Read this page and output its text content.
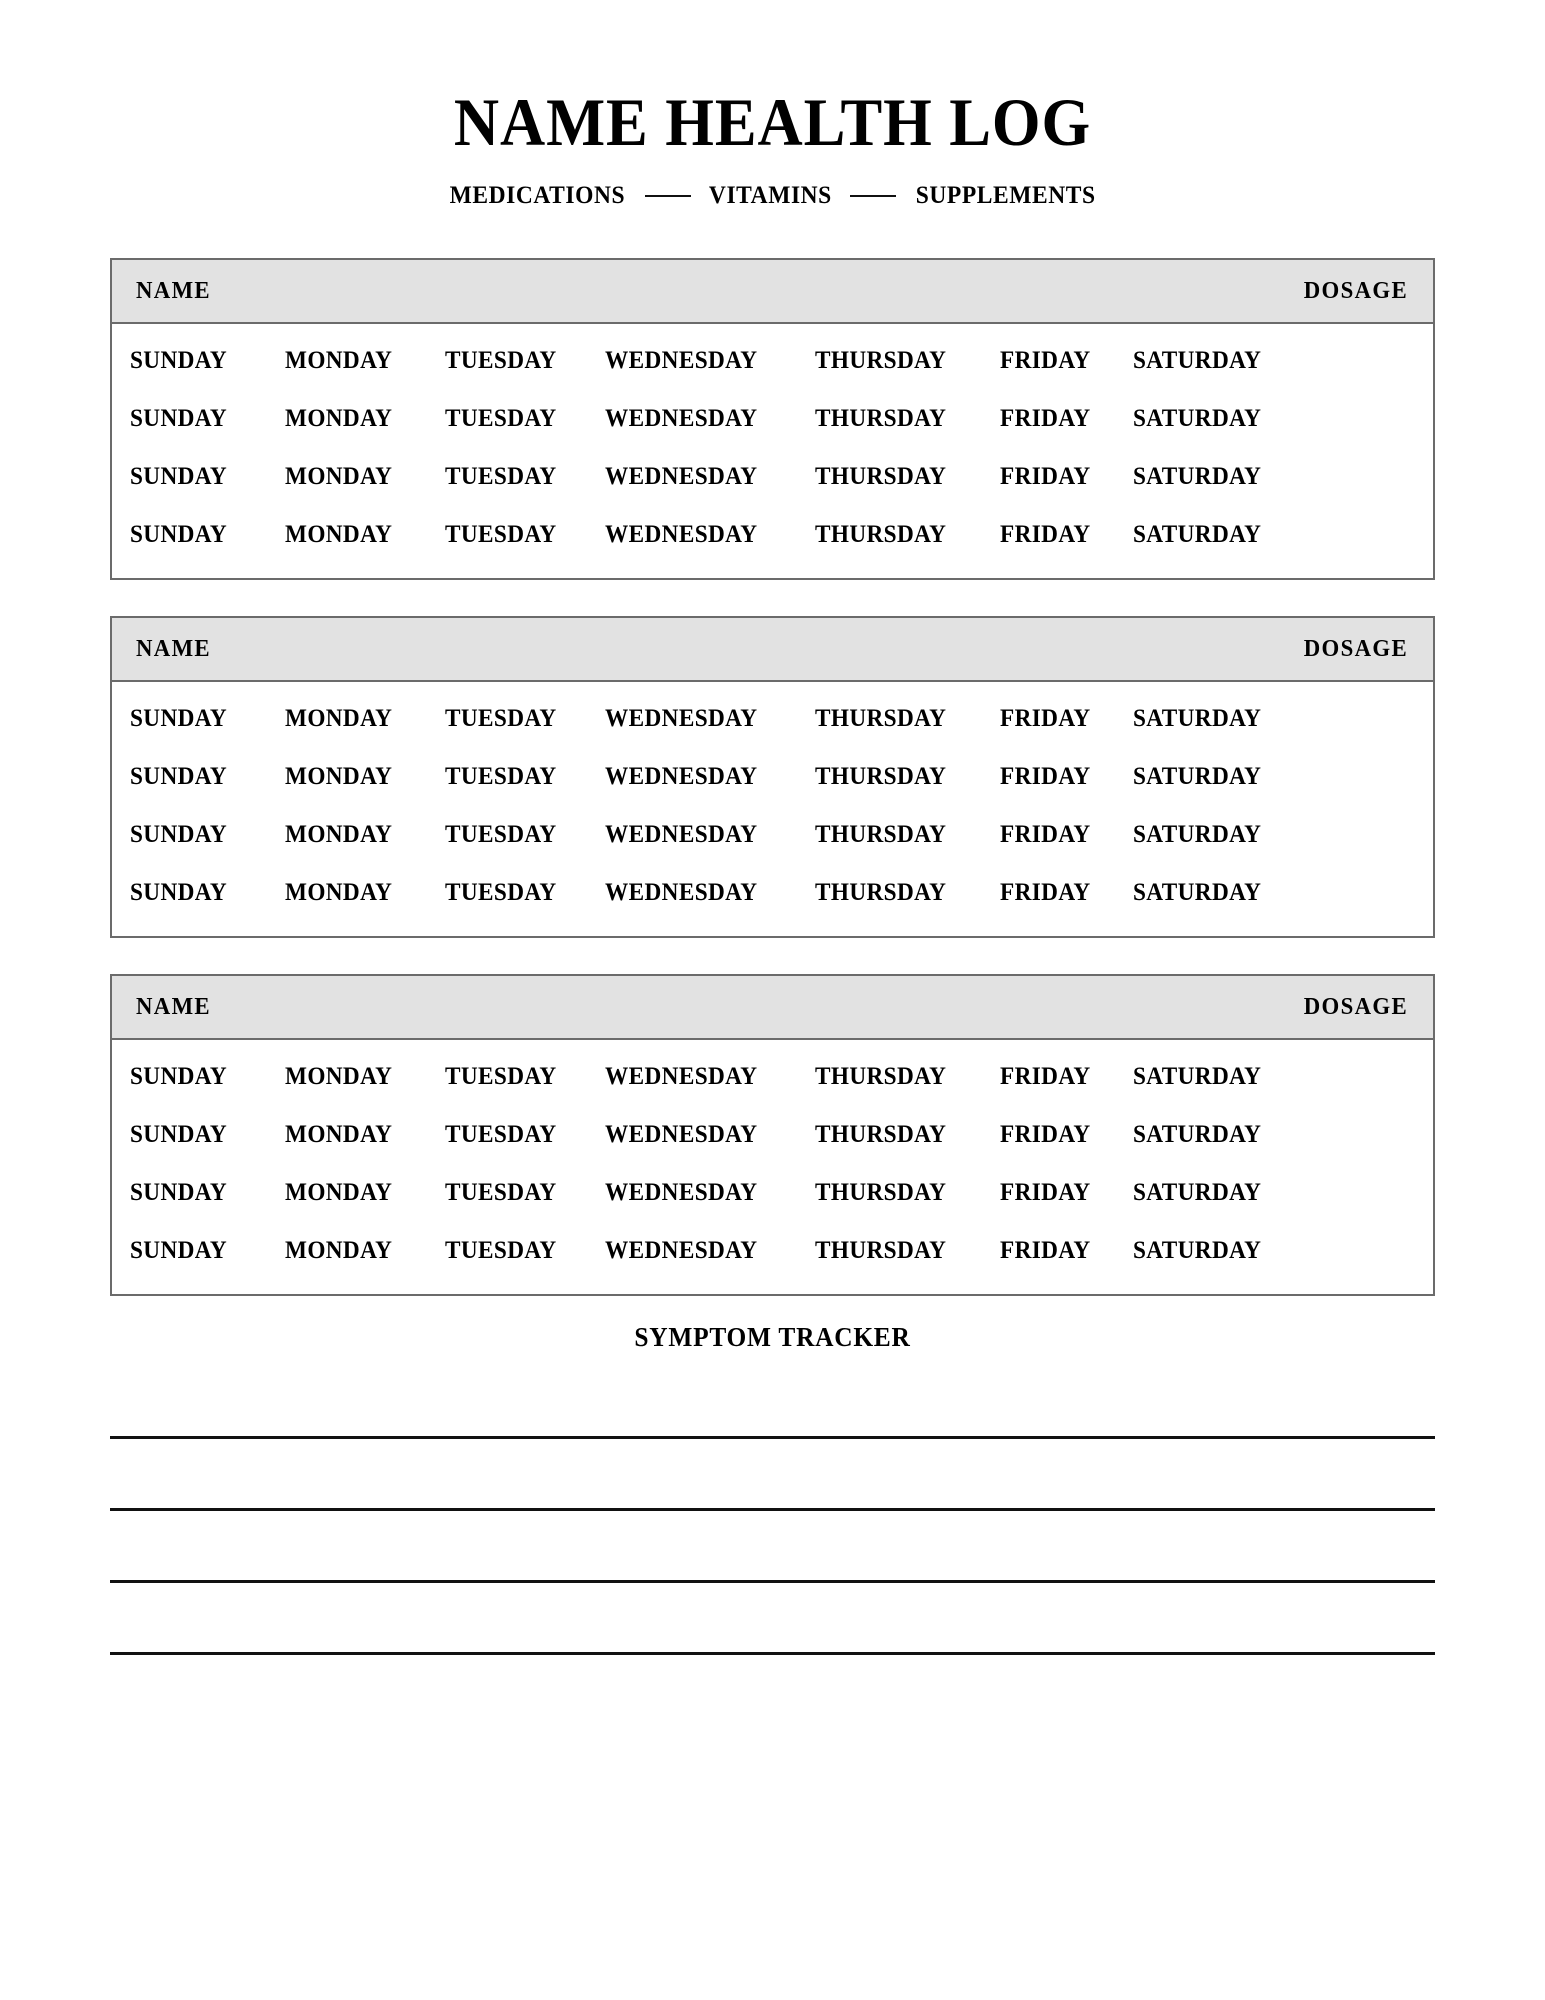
NAME HEALTH LOG
MEDICATIONS	VITAMINS	SUPPLEMENTS
NAME	DOSAGE
SUNDAY	MONDAY	TUESDAY	WEDNESDAY	THURSDAY	FRIDAY	SATURDAY
SUNDAY	MONDAY	TUESDAY	WEDNESDAY	THURSDAY	FRIDAY	SATURDAY
SUNDAY	MONDAY	TUESDAY	WEDNESDAY	THURSDAY	FRIDAY	SATURDAY
SUNDAY	MONDAY	TUESDAY	WEDNESDAY	THURSDAY	FRIDAY	SATURDAY
NAME	DOSAGE
SUNDAY	MONDAY	TUESDAY	WEDNESDAY	THURSDAY	FRIDAY	SATURDAY
SUNDAY	MONDAY	TUESDAY	WEDNESDAY	THURSDAY	FRIDAY	SATURDAY
SUNDAY	MONDAY	TUESDAY	WEDNESDAY	THURSDAY	FRIDAY	SATURDAY
SUNDAY	MONDAY	TUESDAY	WEDNESDAY	THURSDAY	FRIDAY	SATURDAY
NAME	DOSAGE
SUNDAY	MONDAY	TUESDAY	WEDNESDAY	THURSDAY	FRIDAY	SATURDAY
SUNDAY	MONDAY	TUESDAY	WEDNESDAY	THURSDAY	FRIDAY	SATURDAY
SUNDAY	MONDAY	TUESDAY	WEDNESDAY	THURSDAY	FRIDAY	SATURDAY
SUNDAY	MONDAY	TUESDAY	WEDNESDAY	THURSDAY	FRIDAY	SATURDAY
SYMPTOM TRACKER
